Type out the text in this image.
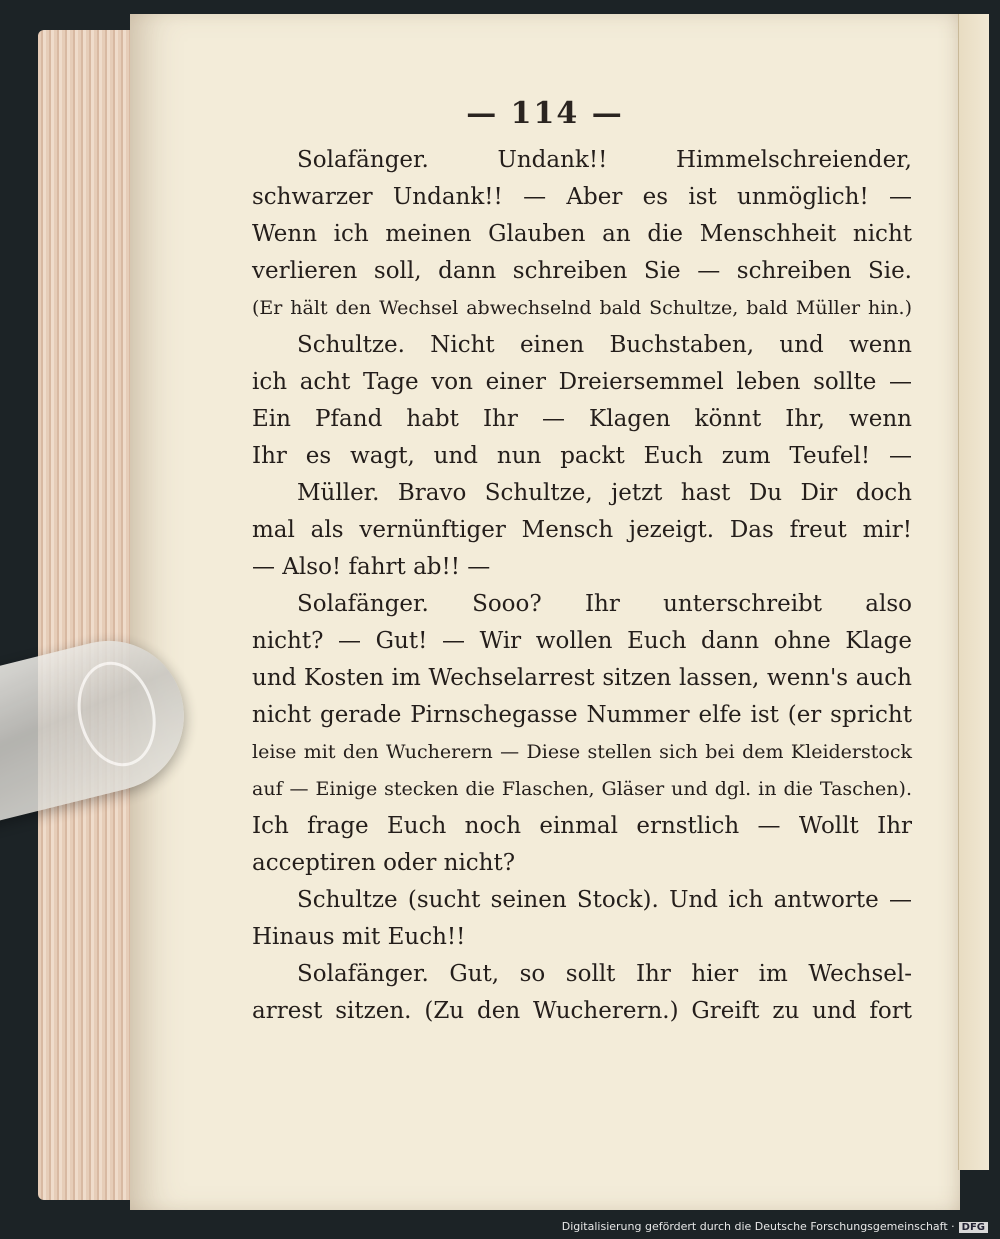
— 114 —
Solafänger. Undank!! Himmelschreiender,
schwarzer Undank!! — Aber es ist unmöglich! —
Wenn ich meinen Glauben an die Menschheit nicht
verlieren soll, dann schreiben Sie — schreiben Sie.
(Er hält den Wechsel abwechselnd bald Schultze, bald Müller hin.)
Schultze. Nicht einen Buchstaben, und wenn
ich acht Tage von einer Dreiersemmel leben sollte —
Ein Pfand habt Ihr — Klagen könnt Ihr, wenn
Ihr es wagt, und nun packt Euch zum Teufel! —
Müller. Bravo Schultze, jetzt hast Du Dir doch
mal als vernünftiger Mensch jezeigt. Das freut mir!
— Also! fahrt ab!! —
Solafänger. Sooo? Ihr unterschreibt also
nicht? — Gut! — Wir wollen Euch dann ohne Klage
und Kosten im Wechselarrest sitzen lassen, wenn's auch
nicht gerade Pirnschegasse Nummer elfe ist (er spricht
leise mit den Wucherern — Diese stellen sich bei dem Kleiderstock
auf — Einige stecken die Flaschen, Gläser und dgl. in die Taschen).
Ich frage Euch noch einmal ernstlich — Wollt Ihr
acceptiren oder nicht?
Schultze (sucht seinen Stock). Und ich antworte —
Hinaus mit Euch!!
Solafänger. Gut, so sollt Ihr hier im Wechsel-
arrest sitzen. (Zu den Wucherern.) Greift zu und fort
Digitalisierung gefördert durch die Deutsche Forschungsgemeinschaft · DFG
